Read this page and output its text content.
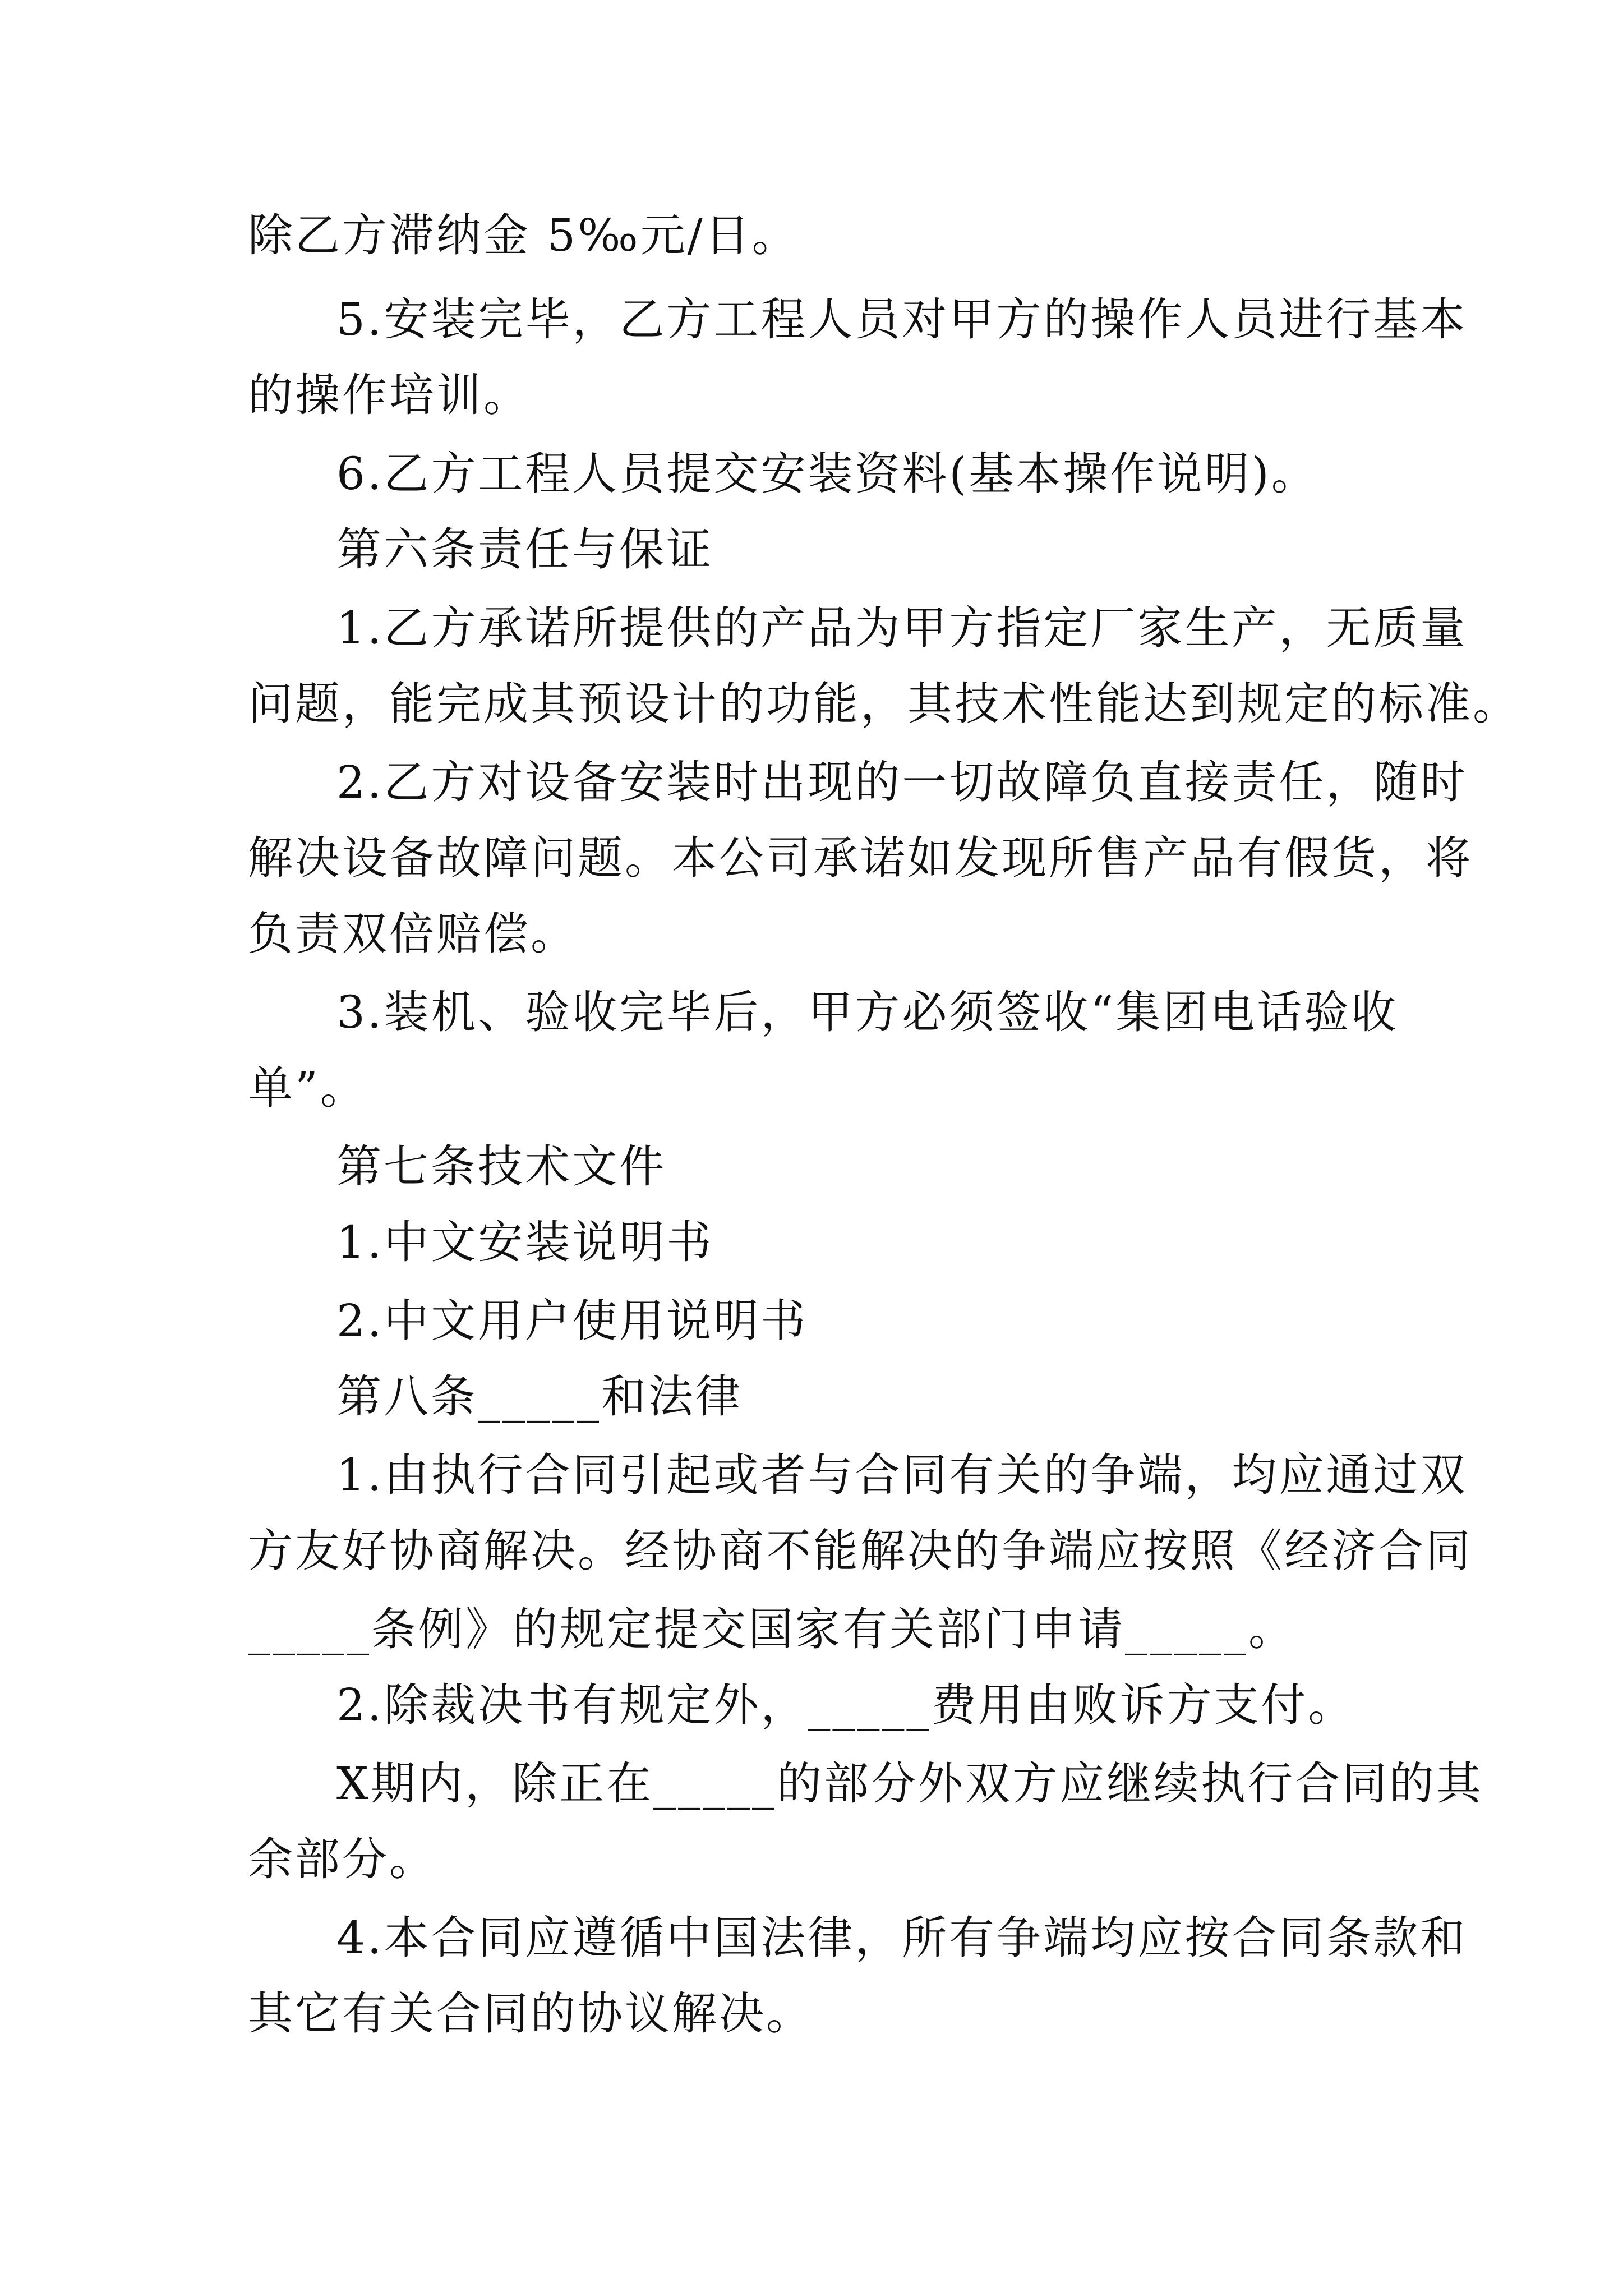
除乙方滞纳金 5‰元/日。
5.安装完毕，乙方工程人员对甲方的操作人员进行基本
的操作培训。
6.乙方工程人员提交安装资料(基本操作说明)。
第六条责任与保证
1.乙方承诺所提供的产品为甲方指定厂家生产，无质量
问题，能完成其预设计的功能，其技术性能达到规定的标准。
2.乙方对设备安装时出现的一切故障负直接责任，随时
解决设备故障问题。本公司承诺如发现所售产品有假货，将
负责双倍赔偿。
3.装机、验收完毕后，甲方必须签收“集团电话验收
单”。
第七条技术文件
1.中文安装说明书
2.中文用户使用说明书
第八条_____和法律
1.由执行合同引起或者与合同有关的争端，均应通过双
方友好协商解决。经协商不能解决的争端应按照《经济合同
_____条例》的规定提交国家有关部门申请_____。
2.除裁决书有规定外，_____费用由败诉方支付。
X期内，除正在_____的部分外双方应继续执行合同的其
余部分。
4.本合同应遵循中国法律，所有争端均应按合同条款和
其它有关合同的协议解决。
